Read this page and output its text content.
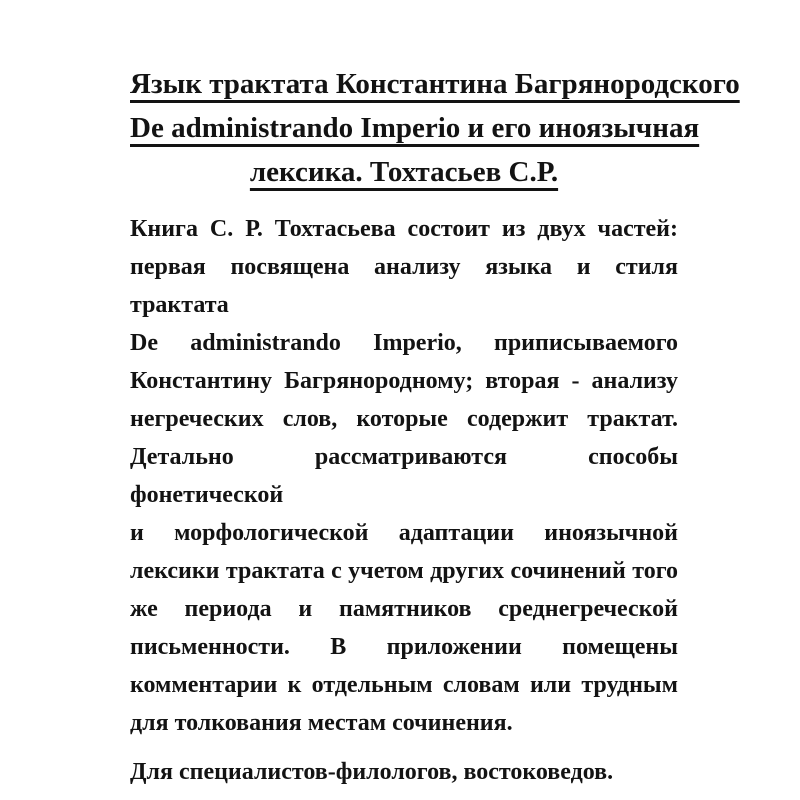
Язык трактата Константина Багрянородского
De administrando Imperio и его иноязычная
лексика. Тохтасьев С.Р.
Книга С. Р. Тохтасьева состоит из двух частей:
первая посвящена анализу языка и стиля трактата
De administrando Imperio, приписываемого
Константину Багрянородному; вторая - анализу
негреческих слов, которые содержит трактат.
Детально рассматриваются способы фонетической
и морфологической адаптации иноязычной
лексики трактата с учетом других сочинений того
же периода и памятников среднегреческой
письменности. В приложении помещены
комментарии к отдельным словам или трудным
для толкования местам сочинения.
Для специалистов-филологов, востоковедов.
